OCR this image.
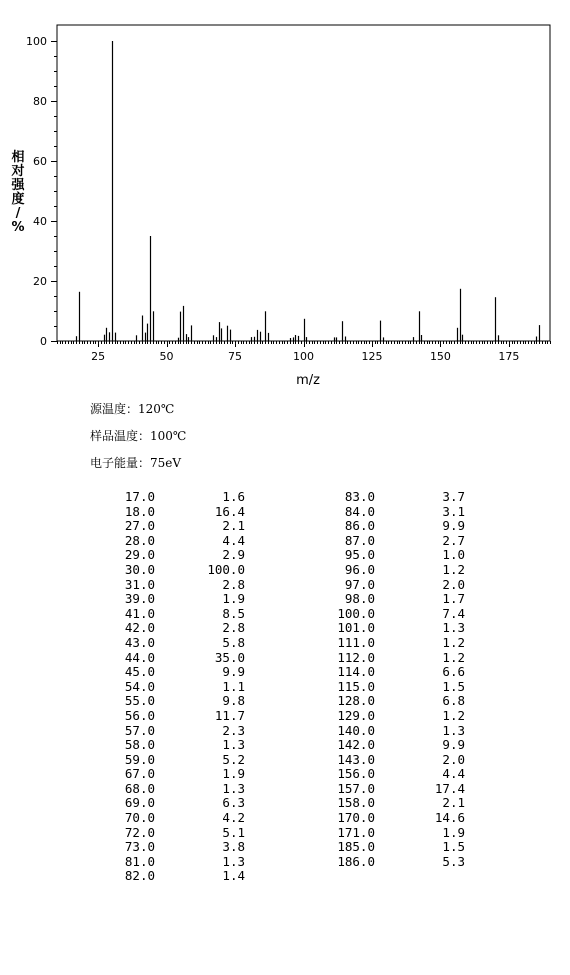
25	50	75	100	125	150	175
0
20
40
60
80
100
m/z
相对强度/ %
源温度：120℃
样品温度：100℃
电子能量：75eV
17.0	1.6	83.0	3.7
18.0	16.4	84.0	3.1
27.0	2.1	86.0	9.9
28.0	4.4	87.0	2.7
29.0	2.9	95.0	1.0
30.0	100.0	96.0	1.2
31.0	2.8	97.0	2.0
39.0	1.9	98.0	1.7
41.0	8.5	100.0	7.4
42.0	2.8	101.0	1.3
43.0	5.8	111.0	1.2
44.0	35.0	112.0	1.2
45.0	9.9	114.0	6.6
54.0	1.1	115.0	1.5
55.0	9.8	128.0	6.8
56.0	11.7	129.0	1.2
57.0	2.3	140.0	1.3
58.0	1.3	142.0	9.9
59.0	5.2	143.0	2.0
67.0	1.9	156.0	4.4
68.0	1.3	157.0	17.4
69.0	6.3	158.0	2.1
70.0	4.2	170.0	14.6
72.0	5.1	171.0	1.9
73.0	3.8	185.0	1.5
81.0	1.3	186.0	5.3
82.0	1.4		
